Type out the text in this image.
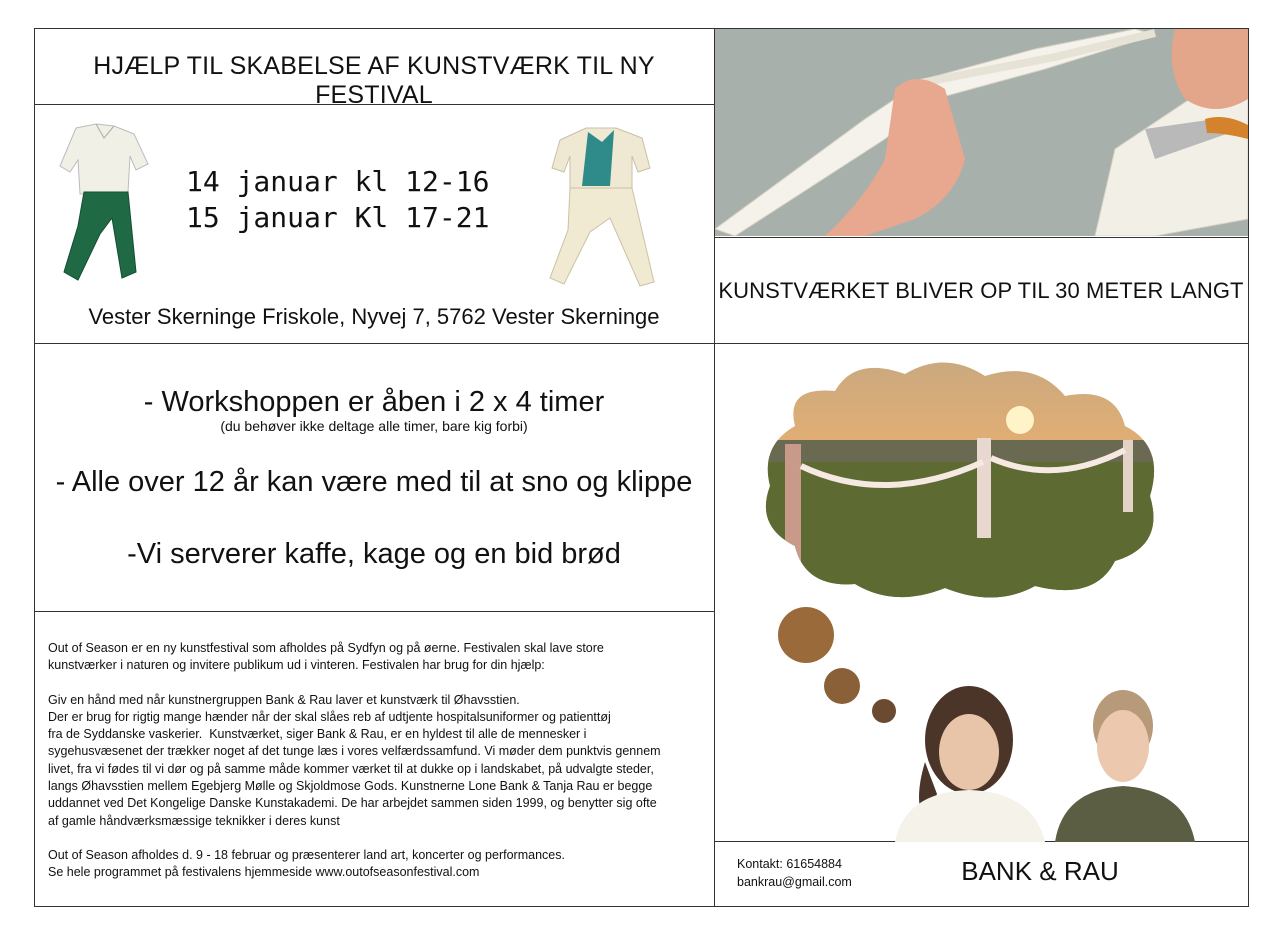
HJÆLP TIL SKABELSE AF KUNSTVÆRK TIL NY FESTIVAL
14 januar kl 12-16
15 januar Kl 17-21
Vester Skerninge Friskole, Nyvej 7, 5762 Vester Skerninge
- Workshoppen er åben i 2 x 4 timer
(du behøver ikke deltage alle timer, bare kig forbi)
- Alle over 12 år kan være med til at sno og klippe
-Vi serverer kaffe, kage og en bid brød
Out of Season er en ny kunstfestival som afholdes på Sydfyn og på øerne. Festivalen skal lave store
kunstværker i naturen og invitere publikum ud i vinteren. Festivalen har brug for din hjælp:
Giv en hånd med når kunstnergruppen Bank & Rau laver et kunstværk til Øhavsstien.
Der er brug for rigtig mange hænder når der skal slåes reb af udtjente hospitalsuniformer og patienttøj
fra de Syddanske vaskerier.  Kunstværket, siger Bank & Rau, er en hyldest til alle de mennesker i
sygehusvæsenet der trækker noget af det tunge læs i vores velfærdssamfund. Vi møder dem punktvis gennem
livet, fra vi fødes til vi dør og på samme måde kommer værket til at dukke op i landskabet, på udvalgte steder,
langs Øhavsstien mellem Egebjerg Mølle og Skjoldmose Gods. Kunstnerne Lone Bank & Tanja Rau er begge
uddannet ved Det Kongelige Danske Kunstakademi. De har arbejdet sammen siden 1999, og benytter sig ofte
af gamle håndværksmæssige teknikker i deres kunst
Out of Season afholdes d. 9 - 18 februar og præsenterer land art, koncerter og performances.
Se hele programmet på festivalens hjemmeside www.outofseasonfestival.com
KUNSTVÆRKET BLIVER OP TIL 30 METER LANGT
Kontakt: 61654884
bankrau@gmail.com	BANK & RAU
